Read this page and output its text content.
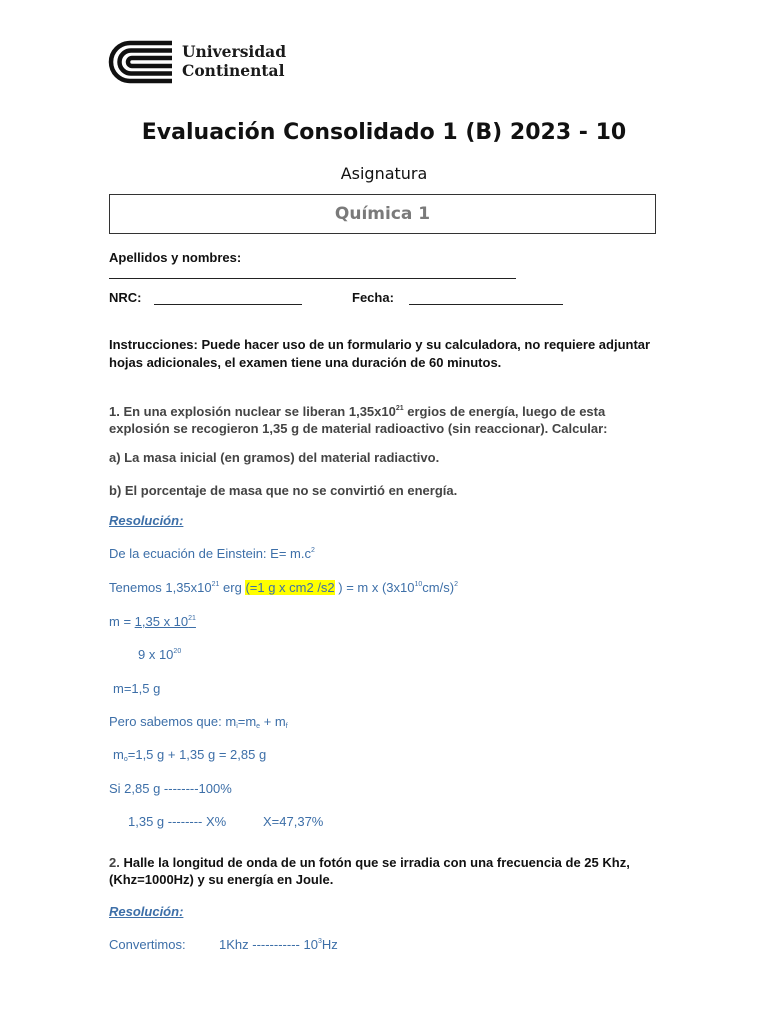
Universidad
Continental
Evaluación Consolidado 1 (B) 2023 - 10
Asignatura
Química 1
Apellidos y nombres:
NRC:	Fecha:
Instrucciones: Puede hacer uso de un formulario y su calculadora, no requiere adjuntar hojas adicionales, el examen tiene una duración de 60 minutos.
1. En una explosión nuclear se liberan $1,35x10^{21}$ ergios de energía, luego de esta explosión se recogieron 1,35 g de material radioactivo (sin reaccionar). Calcular:
a) La masa inicial (en gramos) del material radiactivo.
b) El porcentaje de masa que no se convirtió en energía.
Resolución:
De la ecuación de Einstein: $E= m.c^2$
Tenemos $1,35x10^{21}$ erg (=1 g x cm2 /s2 ) = m x $(3x10^{10}cm/s)^2$
m = 1,35 x $10^{21}$
9 x $10^{20}$
m=1,5 g
Pero sabemos que: $m_i=m_e + m_f$
$m_o=1,5$ g + 1,35 g = 2,85 g
Si 2,85 g --------100%
1,35 g -------- X%	X=47,37%
2. Halle la longitud de onda de un fotón que se irradia con una frecuencia de 25 Khz, (Khz=1000Hz) y su energía en Joule.
Resolución:
Convertimos:	1Khz ----------- $10^3Hz$
